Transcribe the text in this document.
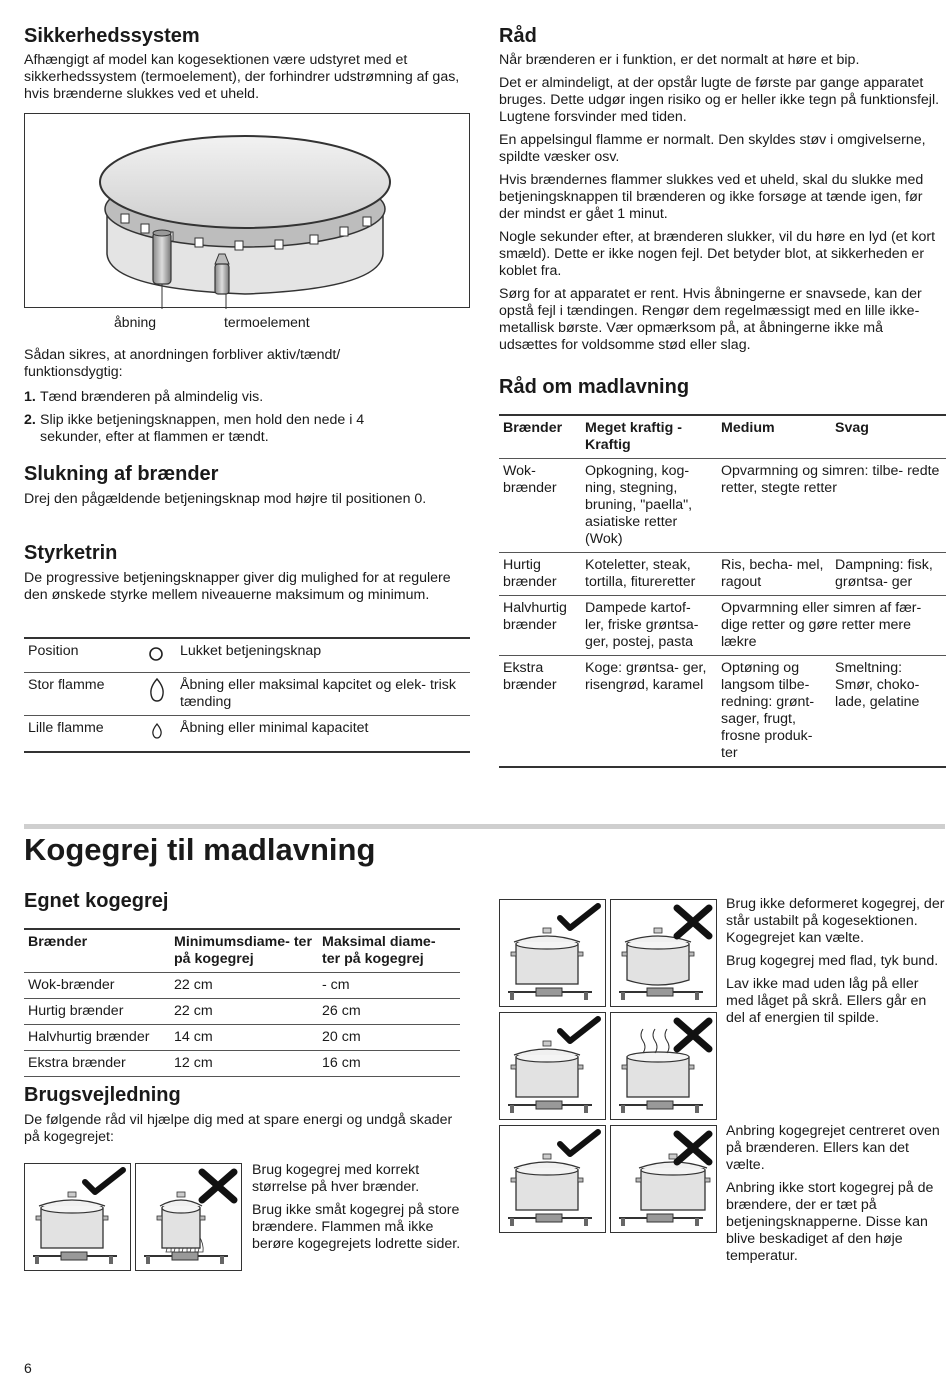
Sikkerhedssystem

Afhængigt af model kan kogesektionen være udstyret med et sikkerhedssystem (termoelement), der forhindrer udstrømning af gas, hvis brænderne slukkes ved et uheld.

åbning	termoelement

Sådan sikres, at anordningen forbliver aktiv/tændt/ funktionsdygtig:

1. Tænd brænderen på almindelig vis.
2. Slip ikke betjeningsknappen, men hold den nede i 4 sekunder, efter at flammen er tændt.
Slukning af brænder

Drej den pågældende betjeningsknap mod højre til positionen 0.

Styrketrin

De progressive betjeningsknapper giver dig mulighed for at regulere den ønskede styrke mellem niveauerne maksimum og minimum.

Position		Lukket betjeningsknap
Stor flamme		Åbning eller maksimal kapcitet og elek- trisk tænding
Lille flamme		Åbning eller minimal kapacitet
Råd

Når brænderen er i funktion, er det normalt at høre et bip.

Det er almindeligt, at der opstår lugte de første par gange apparatet bruges. Dette udgør ingen risiko og er heller ikke tegn på funktionsfejl. Lugtene forsvinder med tiden.

En appelsingul flamme er normalt. Den skyldes støv i omgivelserne, spildte væsker osv.

Hvis brændernes flammer slukkes ved et uheld, skal du slukke med betjeningsknappen til brænderen og ikke forsøge at tænde igen, før der mindst er gået 1 minut.

Nogle sekunder efter, at brænderen slukker, vil du høre en lyd (et kort smæld). Dette er ikke nogen fejl. Det betyder blot, at sikkerheden er koblet fra.

Sørg for at apparatet er rent. Hvis åbningerne er snavsede, kan der opstå fejl i tændingen. Rengør dem regelmæssigt med en lille ikke-metallisk børste. Vær opmærksom på, at åbningerne ikke må udsættes for voldsomme stød eller slag.

Råd om madlavning
Brænder	Meget kraftig - Kraftig	Medium	Svag
Wok- brænder	Opkogning, kog- ning, stegning, bruning, "paella", asiatiske retter (Wok)	Opvarmning og simren: tilbe- redte retter, stegte retter	
Hurtig brænder	Koteletter, steak, tortilla, fitureretter	Ris, becha- mel, ragout	Dampning: fisk, grøntsa- ger
Halvhurtig brænder	Dampede kartof- ler, friske grøntsa- ger, postej, pasta	Opvarmning eller simren af fær- dige retter og gøre retter mere lækre	
Ekstra brænder	Koge: grøntsa- ger, risengrød, karamel	Optøning og langsom tilbe- redning: grønt- sager, frugt, frosne produk- ter	Smeltning: Smør, choko- lade, gelatine
Kogegrej til madlavning
Egnet kogegrej
Brænder	Minimumsdiame- ter på kogegrej	Maksimal diame- ter på kogegrej
Wok-brænder	22 cm	- cm
Hurtig brænder	22 cm	26 cm
Halvhurtig brænder	14 cm	20 cm
Ekstra brænder	12 cm	16 cm
Brugsvejledning

De følgende råd vil hjælpe dig med at spare energi og undgå skader på kogegrejet:

Brug kogegrej med korrekt størrelse på hver brænder.

Brug ikke småt kogegrej på store brændere. Flammen må ikke berøre kogegrejets lodrette sider.

Brug ikke deformeret kogegrej, der står ustabilt på kogesektionen. Kogegrejet kan vælte.

Brug kogegrej med flad, tyk bund.

Lav ikke mad uden låg på eller med låget på skrå. Ellers går en del af energien til spilde.

Anbring kogegrejet centreret oven på brænderen. Ellers kan det vælte.

Anbring ikke stort kogegrej på de brændere, der er tæt på betjeningsknapperne. Disse kan blive beskadiget af den høje temperatur.

6
